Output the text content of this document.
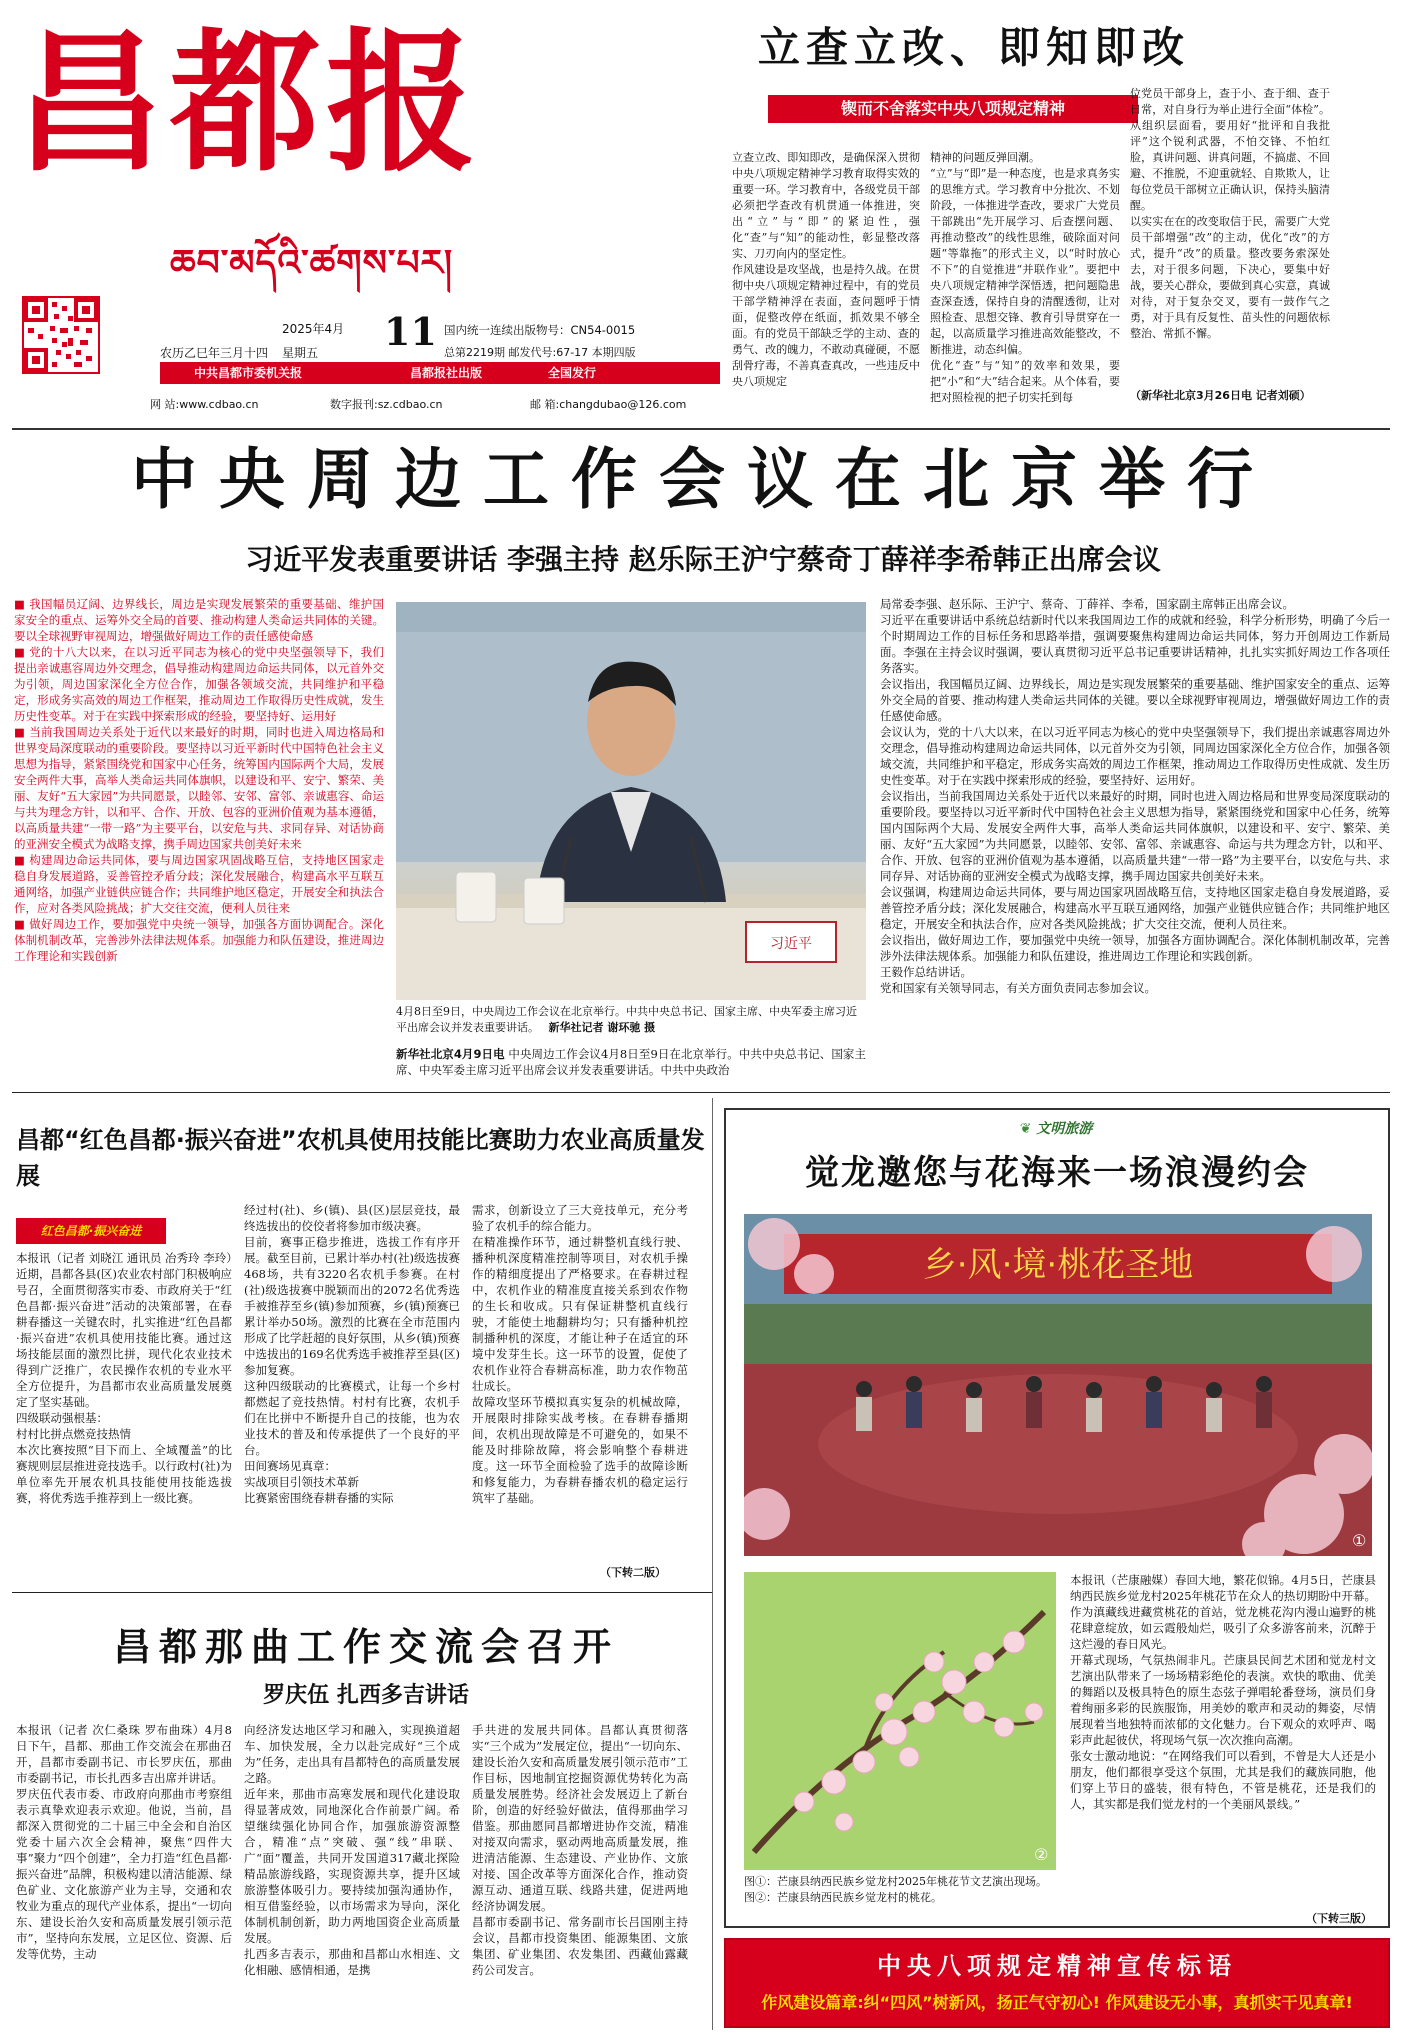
昌都报
ཆབ་མདོའི་ཚགས་པར།
2025年4月 11
星期五
农历乙巳年三月十四
国内统一连续出版物号：CN54-0015
总第2219期 邮发代号:67-17 本期四版
中共昌都市委机关报	昌都报社出版	全国发行
网 站:www.cdbao.cn	数字报刊:sz.cdbao.cn	邮 箱:changdubao@126.com
立查立改、即知即改
锲而不舍落实中央八项规定精神
立查立改、即知即改，是确保深入贯彻中央八项规定精神学习教育取得实效的重要一环。学习教育中，各级党员干部必须把学查改有机贯通一体推进，突出“立”与“即”的紧迫性，强化“查”与“知”的能动性，彰显整改落实、刀刃向内的坚定性。
作风建设是攻坚战，也是持久战。在贯彻中央八项规定精神过程中，有的党员干部学精神浮在表面，查问题呼于情面，促整改停在纸面，抓效果不够全面。有的党员干部缺乏学的主动、查的勇气、改的魄力，不敢动真碰硬，不愿刮骨疗毒，不善真查真改，一些违反中央八项规定
精神的问题反弹回潮。
“立”与“即”是一种态度，也是求真务实的思维方式。学习教育中分批次、不划阶段，一体推进学查改，要求广大党员干部跳出“先开展学习、后查摆问题、再推动整改”的线性思维，破除面对问题“等靠拖”的形式主义，以“时时放心不下”的自觉推进“并联作业”。要把中央八项规定精神学深悟透，把问题隐患查深查透，保持自身的清醒透彻，让对照检查、思想交锋、教育引导贯穿在一起，以高质量学习推进高效能整改，不断推进，动态纠偏。
优化“查”与“知”的效率和效果，要把“小”和“大”结合起来。从个体看，要把对照检视的把子切实托到每
位党员干部身上，查于小、查于细、查于日常，对自身行为举止进行全面“体检”。从组织层面看，要用好“批评和自我批评”这个锐利武器，不怕交锋、不怕红脸，真讲问题、讲真问题，不搞虚、不回避、不推脱，不迎重就轻、自欺欺人，让每位党员干部树立正确认识，保持头脑清醒。
以实实在在的改变取信于民，需要广大党员干部增强“改”的主动，优化“改”的方式，提升“改”的质量。整改要务索深处去，对于很多问题，下决心，要集中好战，要关心群众，要做到真心实意，真诚对待，对于复杂交叉，要有一鼓作气之勇，对于具有反复性、苗头性的问题依标整治、常抓不懈。
（新华社北京3月26日电 记者刘硕）
中央周边工作会议在北京举行
习近平发表重要讲话 李强主持 赵乐际王沪宁蔡奇丁薛祥李希韩正出席会议

■ 我国幅员辽阔、边界线长，周边是实现发展繁荣的重要基础、维护国家安全的重点、运筹外交全局的首要、推动构建人类命运共同体的关键。要以全球视野审视周边，增强做好周边工作的责任感使命感

■ 党的十八大以来，在以习近平同志为核心的党中央坚强领导下，我们提出亲诚惠容周边外交理念，倡导推动构建周边命运共同体，以元首外交为引领，周边国家深化全方位合作，加强各领域交流，共同维护和平稳定，形成务实高效的周边工作框架，推动周边工作取得历史性成就，发生历史性变革。对于在实践中探索形成的经验，要坚持好、运用好

■ 当前我国周边关系处于近代以来最好的时期，同时也进入周边格局和世界变局深度联动的重要阶段。要坚持以习近平新时代中国特色社会主义思想为指导，紧紧围绕党和国家中心任务，统筹国内国际两个大局，发展安全两件大事，高举人类命运共同体旗帜，以建设和平、安宁、繁荣、美丽、友好“五大家园”为共同愿景，以睦邻、安邻、富邻、亲诚惠容、命运与共为理念方针，以和平、合作、开放、包容的亚洲价值观为基本遵循，以高质量共建“一带一路”为主要平台，以安危与共、求同存异、对话协商的亚洲安全模式为战略支撑，携手周边国家共创美好未来

■ 构建周边命运共同体，要与周边国家巩固战略互信，支持地区国家走稳自身发展道路，妥善管控矛盾分歧；深化发展融合，构建高水平互联互通网络，加强产业链供应链合作；共同维护地区稳定，开展安全和执法合作，应对各类风险挑战；扩大交往交流，便利人员往来

■ 做好周边工作，要加强党中央统一领导，加强各方面协调配合。深化体制机制改革，完善涉外法律法规体系。加强能力和队伍建设，推进周边工作理论和实践创新

习近平
4月8日至9日，中央周边工作会议在北京举行。中共中央总书记、国家主席、中央军委主席习近平出席会议并发表重要讲话。 新华社记者 谢环驰 摄
新华社北京4月9日电 中央周边工作会议4月8日至9日在北京举行。中共中央总书记、国家主席、中央军委主席习近平出席会议并发表重要讲话。中共中央政治
局常委李强、赵乐际、王沪宁、蔡奇、丁薛祥、李希，国家副主席韩正出席会议。
习近平在重要讲话中系统总结新时代以来我国周边工作的成就和经验，科学分析形势，明确了今后一个时期周边工作的目标任务和思路举措，强调要聚焦构建周边命运共同体，努力开创周边工作新局面。李强在主持会议时强调，要认真贯彻习近平总书记重要讲话精神，扎扎实实抓好周边工作各项任务落实。
会议指出，我国幅员辽阔、边界线长，周边是实现发展繁荣的重要基础、维护国家安全的重点、运筹外交全局的首要、推动构建人类命运共同体的关键。要以全球视野审视周边，增强做好周边工作的责任感使命感。
会议认为，党的十八大以来，在以习近平同志为核心的党中央坚强领导下，我们提出亲诚惠容周边外交理念，倡导推动构建周边命运共同体，以元首外交为引领，同周边国家深化全方位合作，加强各领域交流，共同维护和平稳定，形成务实高效的周边工作框架，推动周边工作取得历史性成就、发生历史性变革。对于在实践中探索形成的经验，要坚持好、运用好。
会议指出，当前我国周边关系处于近代以来最好的时期，同时也进入周边格局和世界变局深度联动的重要阶段。要坚持以习近平新时代中国特色社会主义思想为指导，紧紧围绕党和国家中心任务，统筹国内国际两个大局、发展安全两件大事，高举人类命运共同体旗帜，以建设和平、安宁、繁荣、美丽、友好“五大家园”为共同愿景，以睦邻、安邻、富邻、亲诚惠容、命运与共为理念方针，以和平、合作、开放、包容的亚洲价值观为基本遵循，以高质量共建“一带一路”为主要平台，以安危与共、求同存异、对话协商的亚洲安全模式为战略支撑，携手周边国家共创美好未来。
会议强调，构建周边命运共同体，要与周边国家巩固战略互信，支持地区国家走稳自身发展道路，妥善管控矛盾分歧；深化发展融合，构建高水平互联互通网络，加强产业链供应链合作；共同维护地区稳定，开展安全和执法合作，应对各类风险挑战；扩大交往交流，便利人员往来。
会议指出，做好周边工作，要加强党中央统一领导，加强各方面协调配合。深化体制机制改革，完善涉外法律法规体系。加强能力和队伍建设，推进周边工作理论和实践创新。
王毅作总结讲话。
党和国家有关领导同志，有关方面负责同志参加会议。
昌都“红色昌都·振兴奋进”农机具使用技能比赛助力农业高质量发展
红色昌都·振兴奋进
本报讯（记者 刘晓江 通讯员 冶秀玲 李玲）近期，昌都各县(区)农业农村部门积极响应号召，全面贯彻落实市委、市政府关于“红色昌都·振兴奋进”活动的决策部署，在春耕春播这一关键农时，扎实推进“红色昌都·振兴奋进”农机具使用技能比赛。通过这场技能层面的激烈比拼，现代化农业技术得到广泛推广，农民操作农机的专业水平全方位提升，为昌都市农业高质量发展奠定了坚实基础。
四级联动强根基：
村村比拼点燃竞技热情
本次比赛按照“目下而上、全域覆盖”的比赛规则层层推进竞技选手。以行政村(社)为单位率先开展农机具技能使用技能选拔赛，将优秀选手推荐到上一级比赛。
经过村(社)、乡(镇)、县(区)层层竞技，最终选拔出的佼佼者将参加市级决赛。
目前，赛事正稳步推进，选拔工作有序开展。截至目前，已累计举办村(社)级选拔赛468场，共有3220名农机手参赛。在村(社)级选拔赛中脱颖而出的2072名优秀选手被推荐至乡(镇)参加预赛，乡(镇)预赛已累计举办50场。激烈的比赛在全市范围内形成了比学赶超的良好氛围，从乡(镇)预赛中选拔出的169名优秀选手被推荐至县(区)参加复赛。
这种四级联动的比赛模式，让每一个乡村都燃起了竞技热情。村村有比赛，农机手们在比拼中不断提升自己的技能，也为农业技术的普及和传承提供了一个良好的平台。
田间赛场见真章：
实战项目引领技术革新
比赛紧密围绕春耕春播的实际
需求，创新设立了三大竞技单元，充分考验了农机手的综合能力。
在精准操作环节，通过耕整机直线行驶、播种机深度精准控制等项目，对农机手操作的精细度提出了严格要求。在春耕过程中，农机作业的精准度直接关系到农作物的生长和收成。只有保证耕整机直线行驶，才能使土地翻耕均匀；只有播种机控制播种机的深度，才能让种子在适宜的环境中发芽生长。这一环节的设置，促使了农机作业符合春耕高标准，助力农作物茁壮成长。
故障攻坚环节模拟真实复杂的机械故障，开展限时排除实战考核。在春耕春播期间，农机出现故障是不可避免的，如果不能及时排除故障，将会影响整个春耕进度。这一环节全面检验了选手的故障诊断和修复能力，为春耕春播农机的稳定运行筑牢了基础。
（下转二版）
昌都那曲工作交流会召开
罗庆伍 扎西多吉讲话
本报讯（记者 次仁桑珠 罗布曲珠）4月8日下午，昌都、那曲工作交流会在那曲召开，昌都市委副书记、市长罗庆伍，那曲市委副书记，市长扎西多吉出席并讲话。
罗庆伍代表市委、市政府向那曲市考察组表示真挚欢迎表示欢迎。他说，当前，昌都深入贯彻党的二十届三中全会和自治区党委十届六次全会精神，聚焦“四件大事”聚力“四个创建”，全力打造“红色昌都·振兴奋进”品牌，积极构建以清洁能源、绿色矿业、文化旅游产业为主导，交通和农牧业为重点的现代产业体系，提出“一切向东、建设长治久安和高质量发展引领示范市”，坚持向东发展，立足区位、资源、后发等优势，主动
向经济发达地区学习和融入，实现换道超车、加快发展，全力以赴完成好“三个成为”任务，走出具有昌都特色的高质量发展之路。
近年来，那曲市高寒发展和现代化建设取得显著成效，同地深化合作前景广阔。希望继续强化协同合作，加强旅游资源整合，精准“点”突破、强“线”串联、广“面”覆盖，共同开发国道317藏北探险精品旅游线路，实现资源共享，提升区域旅游整体吸引力。要持续加强沟通协作，相互借鉴经验，以市场需求为导向，深化体制机制创新，助力两地国资企业高质量发展。
扎西多吉表示，那曲和昌都山水相连、文化相融、感情相通，是携
手共进的发展共同体。昌都认真贯彻落实“三个成为”发展定位，提出“一切向东、建设长治久安和高质量发展引领示范市”工作目标，因地制宜挖掘资源优势转化为高质量发展胜势。经济社会发展迈上了新台阶，创造的好经验好做法，值得那曲学习借鉴。那曲愿同昌都增进协作交流，精准对接双向需求，驱动两地高质量发展，推进清洁能源、生态建设、产业协作、文旅对接、国企改革等方面深化合作，推动资源互动、通道互联、线路共建，促进两地经济协调发展。
昌都市委副书记、常务副市长吕国刚主持会议，昌都市投资集团、能源集团、文旅集团、矿业集团、农发集团、西藏仙露藏药公司发言。
❦ 文明旅游
觉龙邀您与花海来一场浪漫约会
乡·风·境·桃花圣地
①
②
图①：芒康县纳西民族乡觉龙村2025年桃花节文艺演出现场。
图②：芒康县纳西民族乡觉龙村的桃花。
本报讯（芒康融媒）春回大地，繁花似锦。4月5日，芒康县纳西民族乡觉龙村2025年桃花节在众人的热切期盼中开幕。作为滇藏线进藏赏桃花的首站，觉龙桃花沟内漫山遍野的桃花肆意绽放，如云霞般灿烂，吸引了众多游客前来，沉醉于这烂漫的春日风光。
开幕式现场，气氛热闹非凡。芒康县民间艺术团和觉龙村文艺演出队带来了一场场精彩绝伦的表演。欢快的歌曲、优美的舞蹈以及极具特色的原生态弦子弹唱轮番登场，演员们身着绚丽多彩的民族服饰，用美妙的歌声和灵动的舞姿，尽情展现着当地独特而浓郁的文化魅力。台下观众的欢呼声、喝彩声此起彼伏，将现场气氛一次次推向高潮。
张女士激动地说：“在网络我们可以看到，不曾是大人还是小朋友，他们都很享受这个氛围，尤其是我们的藏族同胞，他们穿上节日的盛装，很有特色，不管是桃花，还是我们的人，其实都是我们觉龙村的一个美丽风景线。”
（下转三版）
中央八项规定精神宣传标语
作风建设篇章:纠“四风”树新风，扬正气守初心! 作风建设无小事，真抓实干见真章!
